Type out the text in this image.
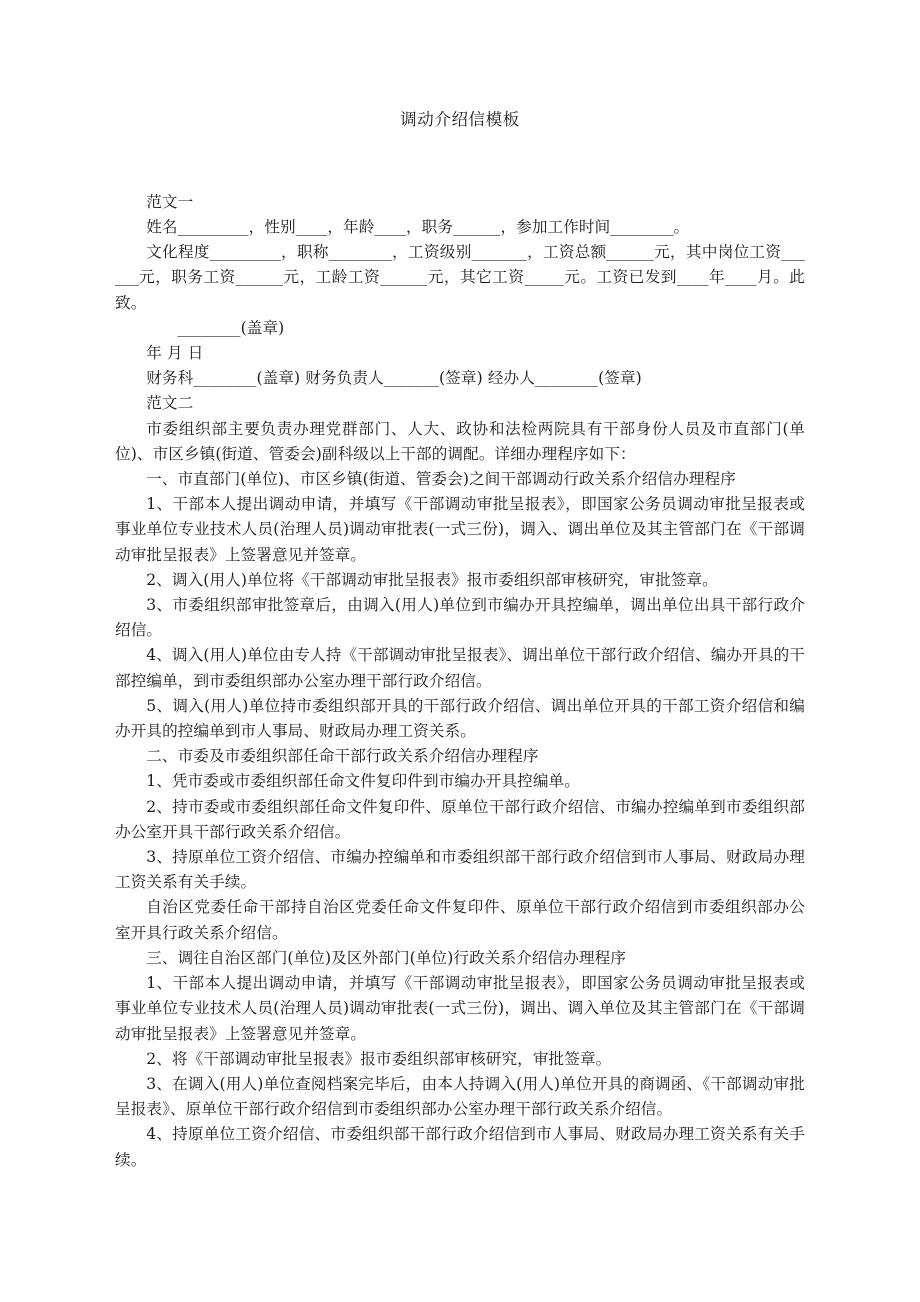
调动介绍信模板

范文一

姓名_________，性别____，年龄____，职务______，参加工作时间________。

文化程度_________，职称________，工资级别_______，工资总额______元，其中岗位工资______元，职务工资______元，工龄工资______元，其它工资_____元。工资已发到____年____月。此致。

________(盖章)

年 月 日

财务科________(盖章) 财务负责人_______(签章) 经办人________(签章)

范文二

市委组织部主要负责办理党群部门、人大、政协和法检两院具有干部身份人员及市直部门(单位)、市区乡镇(街道、管委会)副科级以上干部的调配。详细办理程序如下：

一、市直部门(单位)、市区乡镇(街道、管委会)之间干部调动行政关系介绍信办理程序

1、干部本人提出调动申请，并填写《干部调动审批呈报表》，即国家公务员调动审批呈报表或事业单位专业技术人员(治理人员)调动审批表(一式三份)，调入、调出单位及其主管部门在《干部调动审批呈报表》上签署意见并签章。

2、调入(用人)单位将《干部调动审批呈报表》报市委组织部审核研究，审批签章。

3、市委组织部审批签章后，由调入(用人)单位到市编办开具控编单，调出单位出具干部行政介绍信。

4、调入(用人)单位由专人持《干部调动审批呈报表》、调出单位干部行政介绍信、编办开具的干部控编单，到市委组织部办公室办理干部行政介绍信。

5、调入(用人)单位持市委组织部开具的干部行政介绍信、调出单位开具的干部工资介绍信和编办开具的控编单到市人事局、财政局办理工资关系。

二、市委及市委组织部任命干部行政关系介绍信办理程序

1、凭市委或市委组织部任命文件复印件到市编办开具控编单。

2、持市委或市委组织部任命文件复印件、原单位干部行政介绍信、市编办控编单到市委组织部办公室开具干部行政关系介绍信。

3、持原单位工资介绍信、市编办控编单和市委组织部干部行政介绍信到市人事局、财政局办理工资关系有关手续。

自治区党委任命干部持自治区党委任命文件复印件、原单位干部行政介绍信到市委组织部办公室开具行政关系介绍信。

三、调往自治区部门(单位)及区外部门(单位)行政关系介绍信办理程序

1、干部本人提出调动申请，并填写《干部调动审批呈报表》，即国家公务员调动审批呈报表或事业单位专业技术人员(治理人员)调动审批表(一式三份)，调出、调入单位及其主管部门在《干部调动审批呈报表》上签署意见并签章。

2、将《干部调动审批呈报表》报市委组织部审核研究，审批签章。

3、在调入(用人)单位查阅档案完毕后，由本人持调入(用人)单位开具的商调函、《干部调动审批呈报表》、原单位干部行政介绍信到市委组织部办公室办理干部行政关系介绍信。

4、持原单位工资介绍信、市委组织部干部行政介绍信到市人事局、财政局办理工资关系有关手续。
